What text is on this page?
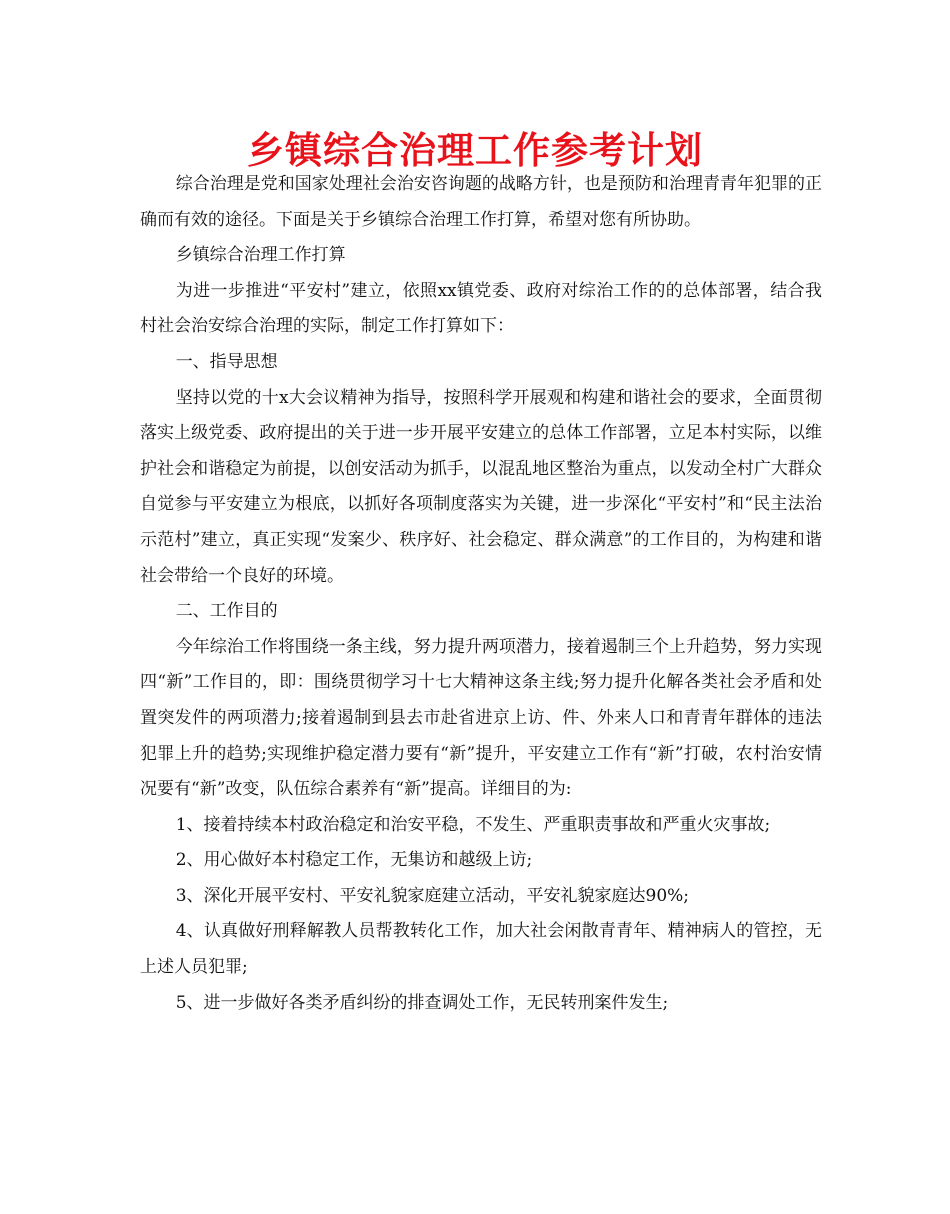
乡镇综合治理工作参考计划

综合治理是党和国家处理社会治安咨询题的战略方针，也是预防和治理青青年犯罪的正确而有效的途径。下面是关于乡镇综合治理工作打算，希望对您有所协助。

乡镇综合治理工作打算

为进一步推进“平安村”建立，依照xx镇党委、政府对综治工作的的总体部署，结合我村社会治安综合治理的实际，制定工作打算如下：

一、指导思想

坚持以党的十x大会议精神为指导，按照科学开展观和构建和谐社会的要求，全面贯彻落实上级党委、政府提出的关于进一步开展平安建立的总体工作部署，立足本村实际，以维护社会和谐稳定为前提，以创安活动为抓手，以混乱地区整治为重点，以发动全村广大群众自觉参与平安建立为根底，以抓好各项制度落实为关键，进一步深化“平安村”和“民主法治示范村”建立，真正实现“发案少、秩序好、社会稳定、群众满意”的工作目的，为构建和谐社会带给一个良好的环境。

二、工作目的

今年综治工作将围绕一条主线，努力提升两项潜力，接着遏制三个上升趋势，努力实现四“新”工作目的，即：围绕贯彻学习十七大精神这条主线;努力提升化解各类社会矛盾和处置突发件的两项潜力;接着遏制到县去市赴省进京上访、件、外来人口和青青年群体的违法犯罪上升的趋势;实现维护稳定潜力要有“新”提升，平安建立工作有“新”打破，农村治安情况要有“新”改变，队伍综合素养有“新”提高。详细目的为:

1、接着持续本村政治稳定和治安平稳，不发生、严重职责事故和严重火灾事故;

2、用心做好本村稳定工作，无集访和越级上访;

3、深化开展平安村、平安礼貌家庭建立活动，平安礼貌家庭达90%;

4、认真做好刑释解教人员帮教转化工作，加大社会闲散青青年、精神病人的管控，无上述人员犯罪;

5、进一步做好各类矛盾纠纷的排查调处工作，无民转刑案件发生;
